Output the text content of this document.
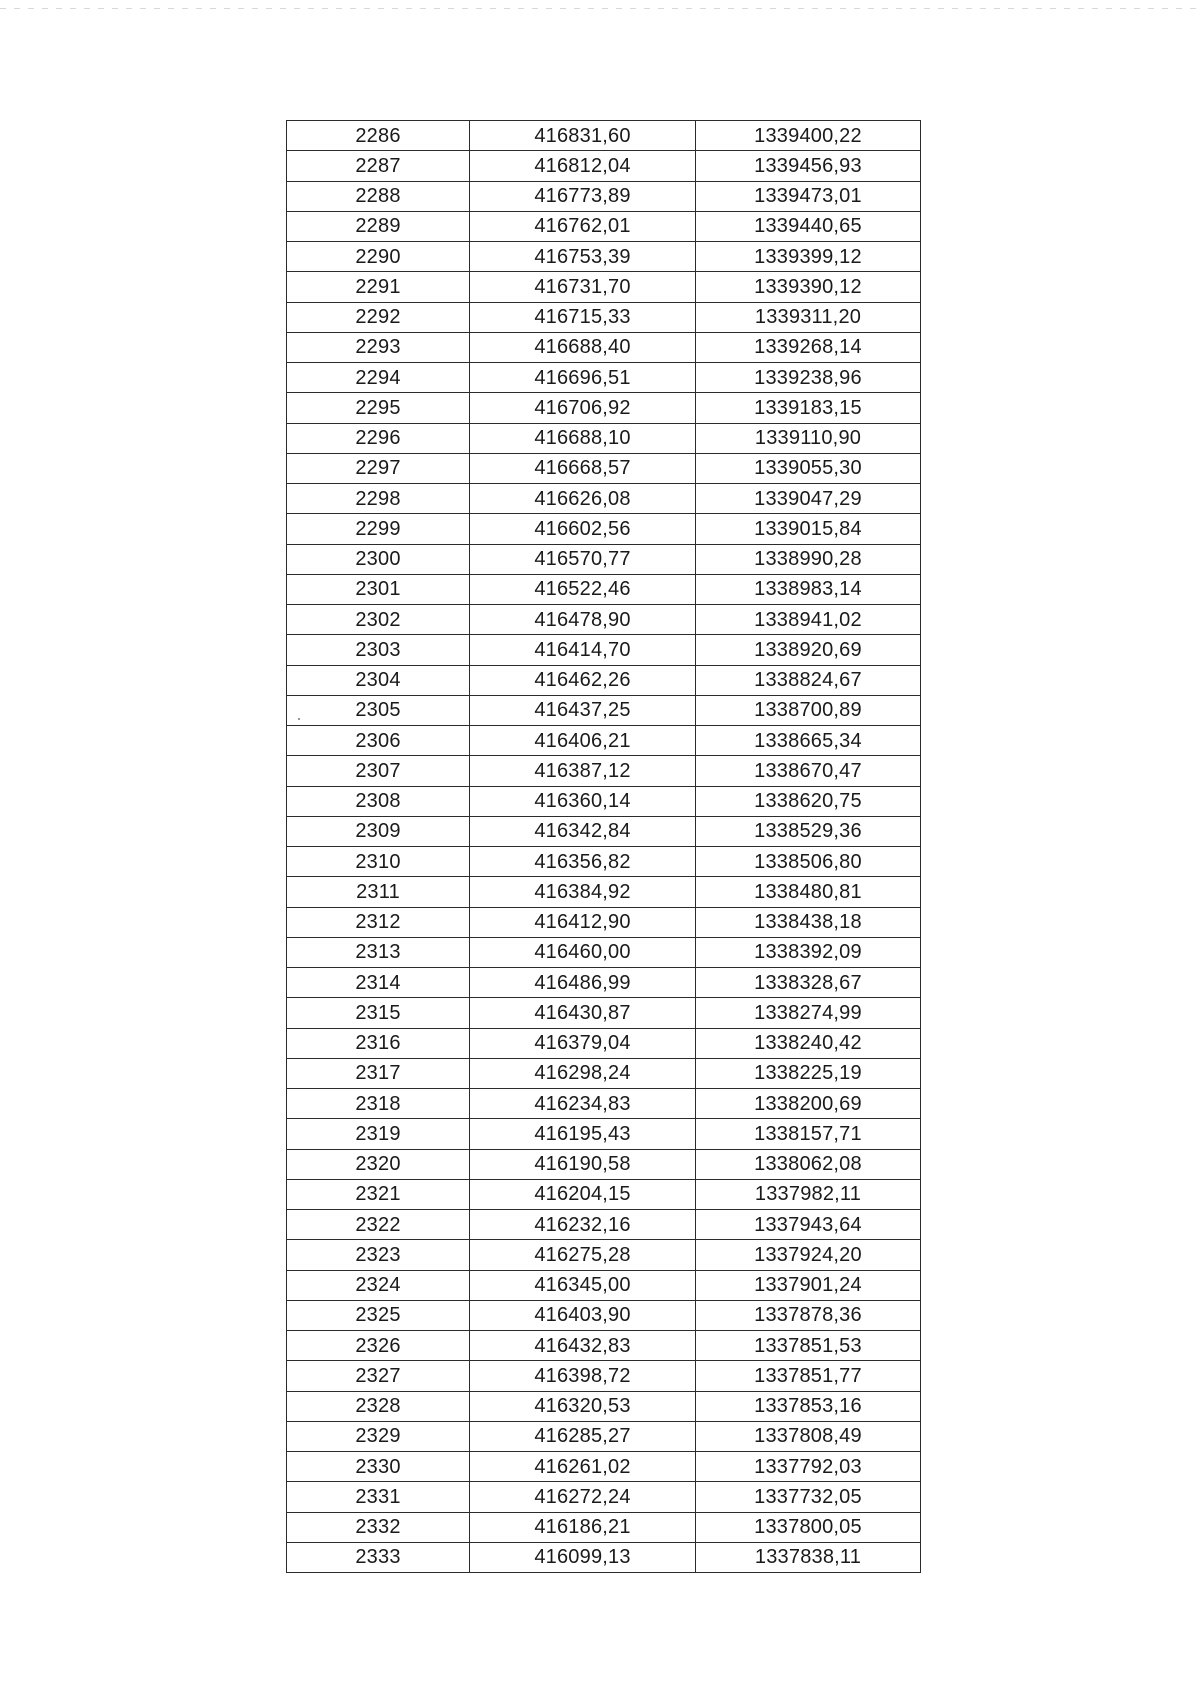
2286	416831,60	1339400,22
2287	416812,04	1339456,93
2288	416773,89	1339473,01
2289	416762,01	1339440,65
2290	416753,39	1339399,12
2291	416731,70	1339390,12
2292	416715,33	1339311,20
2293	416688,40	1339268,14
2294	416696,51	1339238,96
2295	416706,92	1339183,15
2296	416688,10	1339110,90
2297	416668,57	1339055,30
2298	416626,08	1339047,29
2299	416602,56	1339015,84
2300	416570,77	1338990,28
2301	416522,46	1338983,14
2302	416478,90	1338941,02
2303	416414,70	1338920,69
2304	416462,26	1338824,67
2305	416437,25	1338700,89
2306	416406,21	1338665,34
2307	416387,12	1338670,47
2308	416360,14	1338620,75
2309	416342,84	1338529,36
2310	416356,82	1338506,80
2311	416384,92	1338480,81
2312	416412,90	1338438,18
2313	416460,00	1338392,09
2314	416486,99	1338328,67
2315	416430,87	1338274,99
2316	416379,04	1338240,42
2317	416298,24	1338225,19
2318	416234,83	1338200,69
2319	416195,43	1338157,71
2320	416190,58	1338062,08
2321	416204,15	1337982,11
2322	416232,16	1337943,64
2323	416275,28	1337924,20
2324	416345,00	1337901,24
2325	416403,90	1337878,36
2326	416432,83	1337851,53
2327	416398,72	1337851,77
2328	416320,53	1337853,16
2329	416285,27	1337808,49
2330	416261,02	1337792,03
2331	416272,24	1337732,05
2332	416186,21	1337800,05
2333	416099,13	1337838,11
